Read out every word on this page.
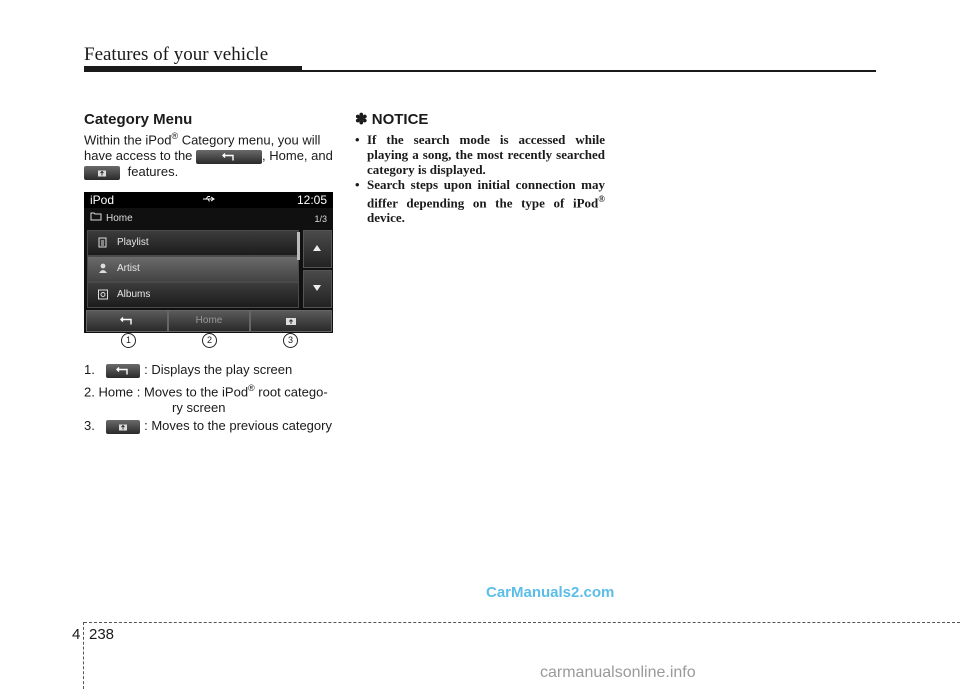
Features of your vehicle

Category Menu

Within the iPod® Category menu, you will
have access to the	, Home, and

features.
iPod	12:05
Home	1/3
Playlist
Artist
Albums
Home
1	2	3
1.	: Displays the play screen
2. Home : Moves to the iPod® root catego-
ry screen
3.	: Moves to the previous category

✽ NOTICE

• If the search mode is accessed while playing a song, the most recently searched category is displayed.
• Search steps upon initial connection may differ depending on the type of iPod® device.
CarManuals2.com
4 238
carmanualsonline.info
